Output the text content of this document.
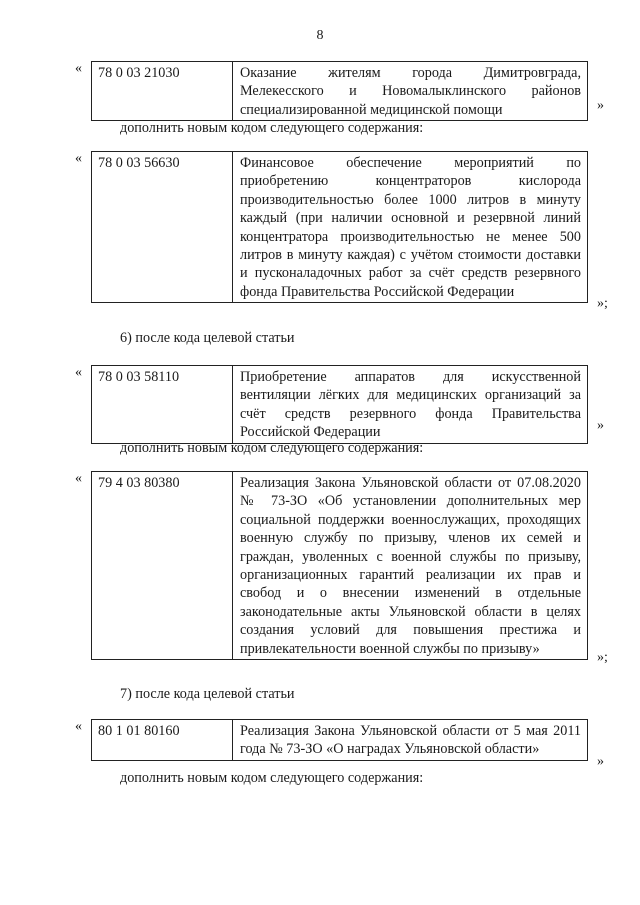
8
« 78 0 03 21030	Оказание жителям города Димитровграда, Мелекесского и Новомалыклинского районов специализированной медицинской помощи	»
дополнить новым кодом следующего содержания:
« 78 0 03 56630	Финансовое обеспечение мероприятий по приобретению концентраторов кислорода производительностью более 1000 литров в минуту каждый (при наличии основной и резервной линий концентратора производительностью не менее 500 литров в минуту каждая) с учётом стоимости доставки и пусконаладочных работ за счёт средств резервного фонда Правительства Российской Федерации
»;
6) после кода целевой статьи
« 78 0 03 58110	Приобретение аппаратов для искусственной вентиляции лёгких для медицинских организаций за счёт средств резервного фонда Правительства Российской Федерации	»
дополнить новым кодом следующего содержания:
« 79 4 03 80380	Реализация Закона Ульяновской области от 07.08.2020 № 73-ЗО «Об установлении дополнительных мер социальной поддержки военнослужащих, проходящих военную службу по призыву, членов их семей и граждан, уволенных с военной службы по призыву, организационных гарантий реализации их прав и свобод и о внесении изменений в отдельные законодательные акты Ульяновской области в целях создания условий для повышения престижа и привлекательности военной службы по призыву»
»;
7) после кода целевой статьи
« 80 1 01 80160	Реализация Закона Ульяновской области от 5 мая 2011 года № 73-ЗО «О наградах Ульяновской области»
»
дополнить новым кодом следующего содержания:
